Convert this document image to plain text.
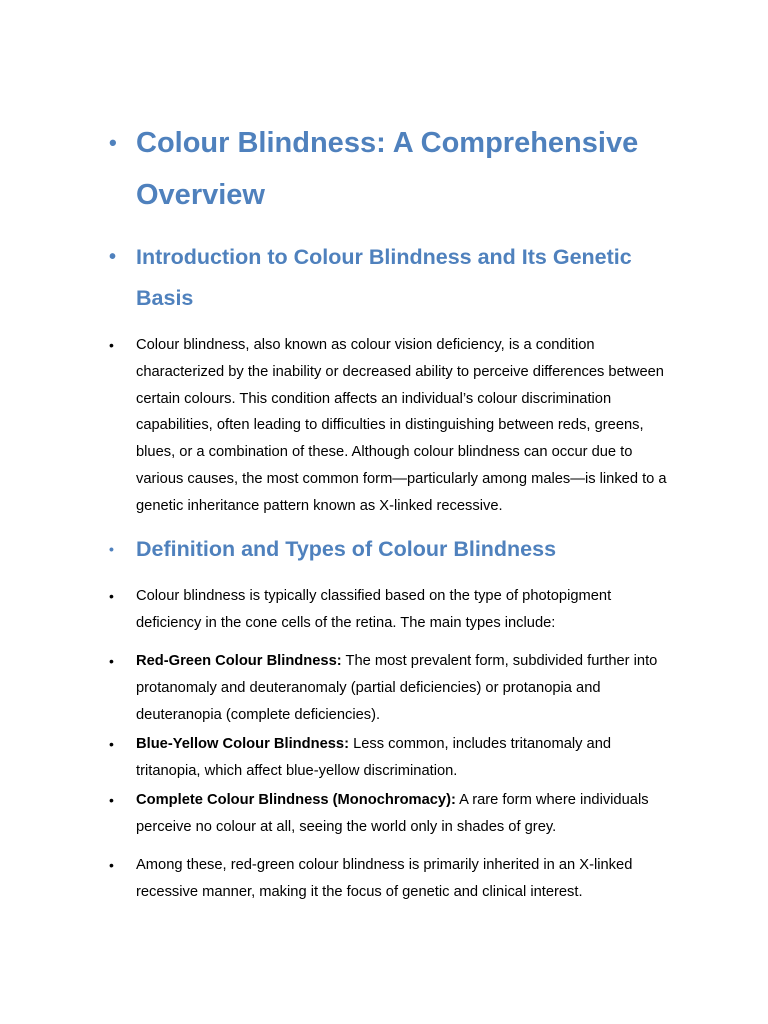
• Colour Blindness: A Comprehensive Overview
• Introduction to Colour Blindness and Its Genetic Basis
•	Colour blindness, also known as colour vision deficiency, is a condition characterized by the inability or decreased ability to perceive differences between certain colours. This condition affects an individual’s colour discrimination capabilities, often leading to difficulties in distinguishing between reds, greens, blues, or a combination of these. Although colour blindness can occur due to various causes, the most common form—particularly among males—is linked to a genetic inheritance pattern known as X-linked recessive.
•	Definition and Types of Colour Blindness
•	Colour blindness is typically classified based on the type of photopigment deficiency in the cone cells of the retina. The main types include:
•	Red-Green Colour Blindness: The most prevalent form, subdivided further into protanomaly and deuteranomaly (partial deficiencies) or protanopia and deuteranopia (complete deficiencies).
•	Blue-Yellow Colour Blindness: Less common, includes tritanomaly and tritanopia, which affect blue-yellow discrimination.
•	Complete Colour Blindness (Monochromacy): A rare form where individuals perceive no colour at all, seeing the world only in shades of grey.
•	Among these, red-green colour blindness is primarily inherited in an X-linked recessive manner, making it the focus of genetic and clinical interest.
